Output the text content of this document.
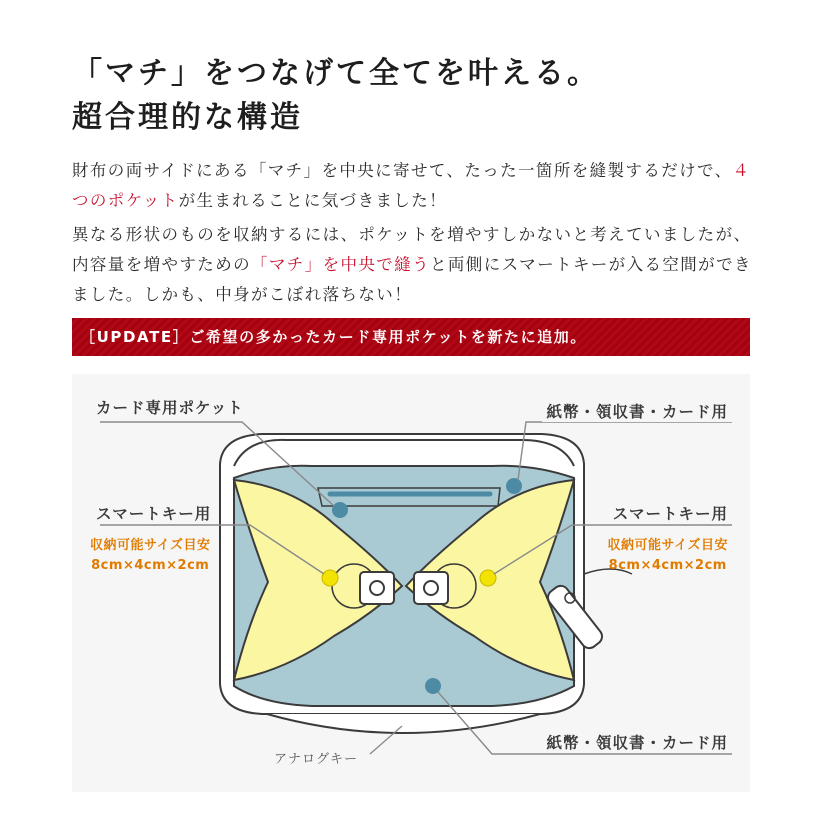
「マチ」をつなげて全てを叶える。
超合理的な構造

財布の両サイドにある「マチ」を中央に寄せて、たった一箇所を縫製するだけで、４つのポケットが生まれることに気づきました！

異なる形状のものを収納するには、ポケットを増やすしかないと考えていましたが、内容量を増やすための「マチ」を中央で縫うと両側にスマートキーが入る空間ができました。しかも、中身がこぼれ落ちない！

［UPDATE］ご希望の多かったカード専用ポケットを新たに追加。
カード専用ポケット	紙幣・領収書・カード用
スマートキー用	スマートキー用
収納可能サイズ目安
8cm×4cm×2cm
収納可能サイズ目安
8cm×4cm×2cm
紙幣・領収書・カード用
アナログキー
